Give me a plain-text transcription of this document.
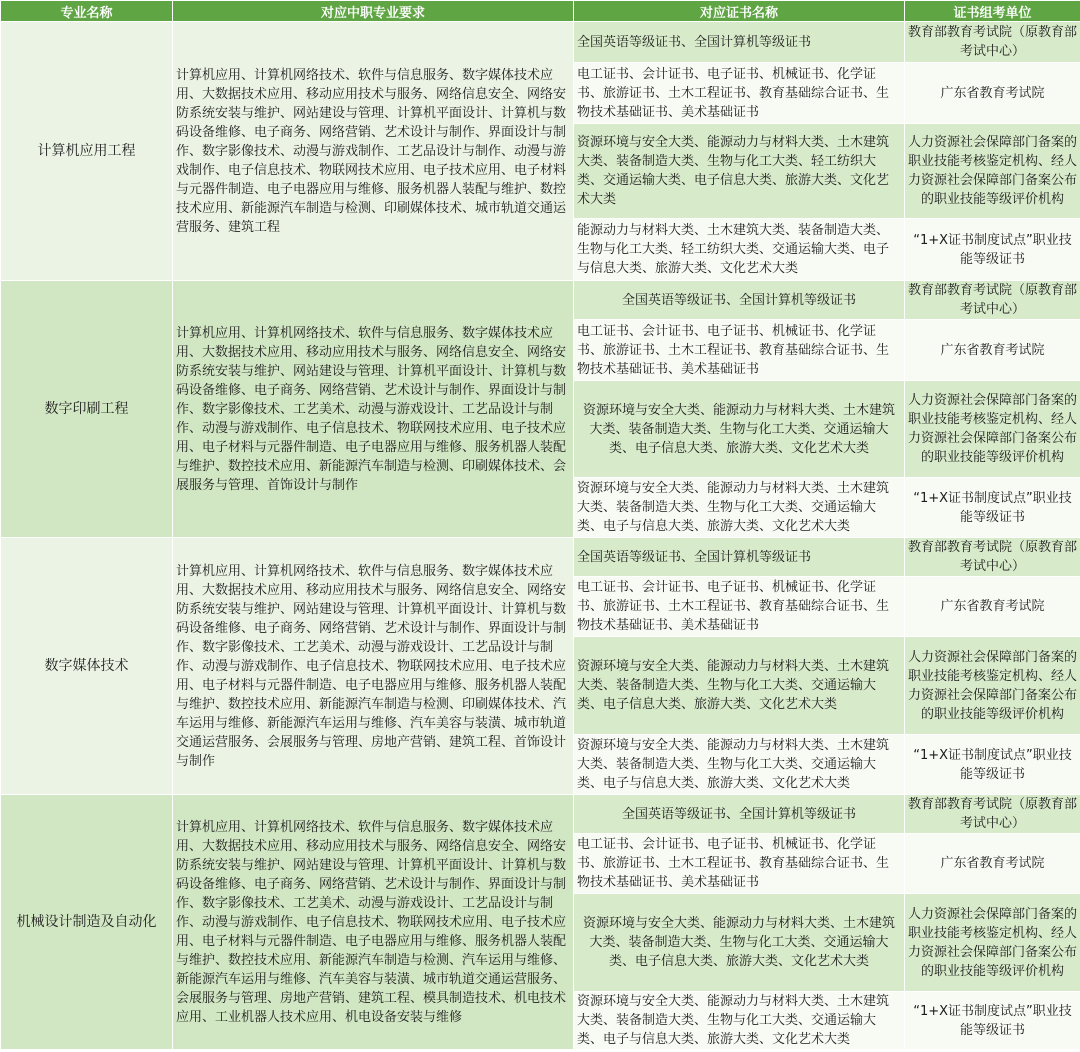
专业名称	对应中职专业要求	对应证书名称	证书组考单位
计算机应用工程	计算机应用、计算机网络技术、软件与信息服务、数字媒体技术应用、大数据技术应用、移动应用技术与服务、网络信息安全、网络安防系统安装与维护、网站建设与管理、计算机平面设计、计算机与数码设备维修、电子商务、网络营销、艺术设计与制作、界面设计与制作、数字影像技术、动漫与游戏制作、工艺品设计与制作、动漫与游戏制作、电子信息技术、物联网技术应用、电子技术应用、电子材料与元器件制造、电子电器应用与维修、服务机器人装配与维护、数控技术应用、新能源汽车制造与检测、印刷媒体技术、城市轨道交通运营服务、建筑工程	全国英语等级证书、全国计算机等级证书	教育部教育考试院（原教育部考试中心）
		电工证书、会计证书、电子证书、机械证书、化学证书、旅游证书、土木工程证书、教育基础综合证书、生物技术基础证书、美术基础证书	广东省教育考试院
		资源环境与安全大类、能源动力与材料大类、土木建筑大类、装备制造大类、生物与化工大类、轻工纺织大类、交通运输大类、电子信息大类、旅游大类、文化艺术大类	人力资源社会保障部门备案的职业技能考核鉴定机构、经人力资源社会保障部门备案公布的职业技能等级评价机构
		能源动力与材料大类、土木建筑大类、装备制造大类、生物与化工大类、轻工纺织大类、交通运输大类、电子与信息大类、旅游大类、文化艺术大类	“1+X证书制度试点”职业技能等级证书
数字印刷工程	计算机应用、计算机网络技术、软件与信息服务、数字媒体技术应用、大数据技术应用、移动应用技术与服务、网络信息安全、网络安防系统安装与维护、网站建设与管理、计算机平面设计、计算机与数码设备维修、电子商务、网络营销、艺术设计与制作、界面设计与制作、数字影像技术、工艺美术、动漫与游戏设计、工艺品设计与制作、动漫与游戏制作、电子信息技术、物联网技术应用、电子技术应用、电子材料与元器件制造、电子电器应用与维修、服务机器人装配与维护、数控技术应用、新能源汽车制造与检测、印刷媒体技术、会展服务与管理、首饰设计与制作	全国英语等级证书、全国计算机等级证书	教育部教育考试院（原教育部考试中心）
		电工证书、会计证书、电子证书、机械证书、化学证书、旅游证书、土木工程证书、教育基础综合证书、生物技术基础证书、美术基础证书	广东省教育考试院
		资源环境与安全大类、能源动力与材料大类、土木建筑大类、装备制造大类、生物与化工大类、交通运输大类、电子信息大类、旅游大类、文化艺术大类	人力资源社会保障部门备案的职业技能考核鉴定机构、经人力资源社会保障部门备案公布的职业技能等级评价机构
		资源环境与安全大类、能源动力与材料大类、土木建筑大类、装备制造大类、生物与化工大类、交通运输大类、电子与信息大类、旅游大类、文化艺术大类	“1+X证书制度试点”职业技能等级证书
数字媒体技术	计算机应用、计算机网络技术、软件与信息服务、数字媒体技术应用、大数据技术应用、移动应用技术与服务、网络信息安全、网络安防系统安装与维护、网站建设与管理、计算机平面设计、计算机与数码设备维修、电子商务、网络营销、艺术设计与制作、界面设计与制作、数字影像技术、工艺美术、动漫与游戏设计、工艺品设计与制作、动漫与游戏制作、电子信息技术、物联网技术应用、电子技术应用、电子材料与元器件制造、电子电器应用与维修、服务机器人装配与维护、数控技术应用、新能源汽车制造与检测、印刷媒体技术、汽车运用与维修、新能源汽车运用与维修、汽车美容与装潢、城市轨道交通运营服务、会展服务与管理、房地产营销、建筑工程、首饰设计与制作	全国英语等级证书、全国计算机等级证书	教育部教育考试院（原教育部考试中心）
		电工证书、会计证书、电子证书、机械证书、化学证书、旅游证书、土木工程证书、教育基础综合证书、生物技术基础证书、美术基础证书	广东省教育考试院
		资源环境与安全大类、能源动力与材料大类、土木建筑大类、装备制造大类、生物与化工大类、交通运输大类、电子信息大类、旅游大类、文化艺术大类	人力资源社会保障部门备案的职业技能考核鉴定机构、经人力资源社会保障部门备案公布的职业技能等级评价机构
		资源环境与安全大类、能源动力与材料大类、土木建筑大类、装备制造大类、生物与化工大类、交通运输大类、电子与信息大类、旅游大类、文化艺术大类	“1+X证书制度试点”职业技能等级证书
机械设计制造及自动化	计算机应用、计算机网络技术、软件与信息服务、数字媒体技术应用、大数据技术应用、移动应用技术与服务、网络信息安全、网络安防系统安装与维护、网站建设与管理、计算机平面设计、计算机与数码设备维修、电子商务、网络营销、艺术设计与制作、界面设计与制作、数字影像技术、工艺美术、动漫与游戏设计、工艺品设计与制作、动漫与游戏制作、电子信息技术、物联网技术应用、电子技术应用、电子材料与元器件制造、电子电器应用与维修、服务机器人装配与维护、数控技术应用、新能源汽车制造与检测、汽车运用与维修、新能源汽车运用与维修、汽车美容与装潢、城市轨道交通运营服务、会展服务与管理、房地产营销、建筑工程、模具制造技术、机电技术应用、工业机器人技术应用、机电设备安装与维修	全国英语等级证书、全国计算机等级证书	教育部教育考试院（原教育部考试中心）
		电工证书、会计证书、电子证书、机械证书、化学证书、旅游证书、土木工程证书、教育基础综合证书、生物技术基础证书、美术基础证书	广东省教育考试院
		资源环境与安全大类、能源动力与材料大类、土木建筑大类、装备制造大类、生物与化工大类、交通运输大类、电子信息大类、旅游大类、文化艺术大类	人力资源社会保障部门备案的职业技能考核鉴定机构、经人力资源社会保障部门备案公布的职业技能等级评价机构
		资源环境与安全大类、能源动力与材料大类、土木建筑大类、装备制造大类、生物与化工大类、交通运输大类、电子与信息大类、旅游大类、文化艺术大类	“1+X证书制度试点”职业技能等级证书
